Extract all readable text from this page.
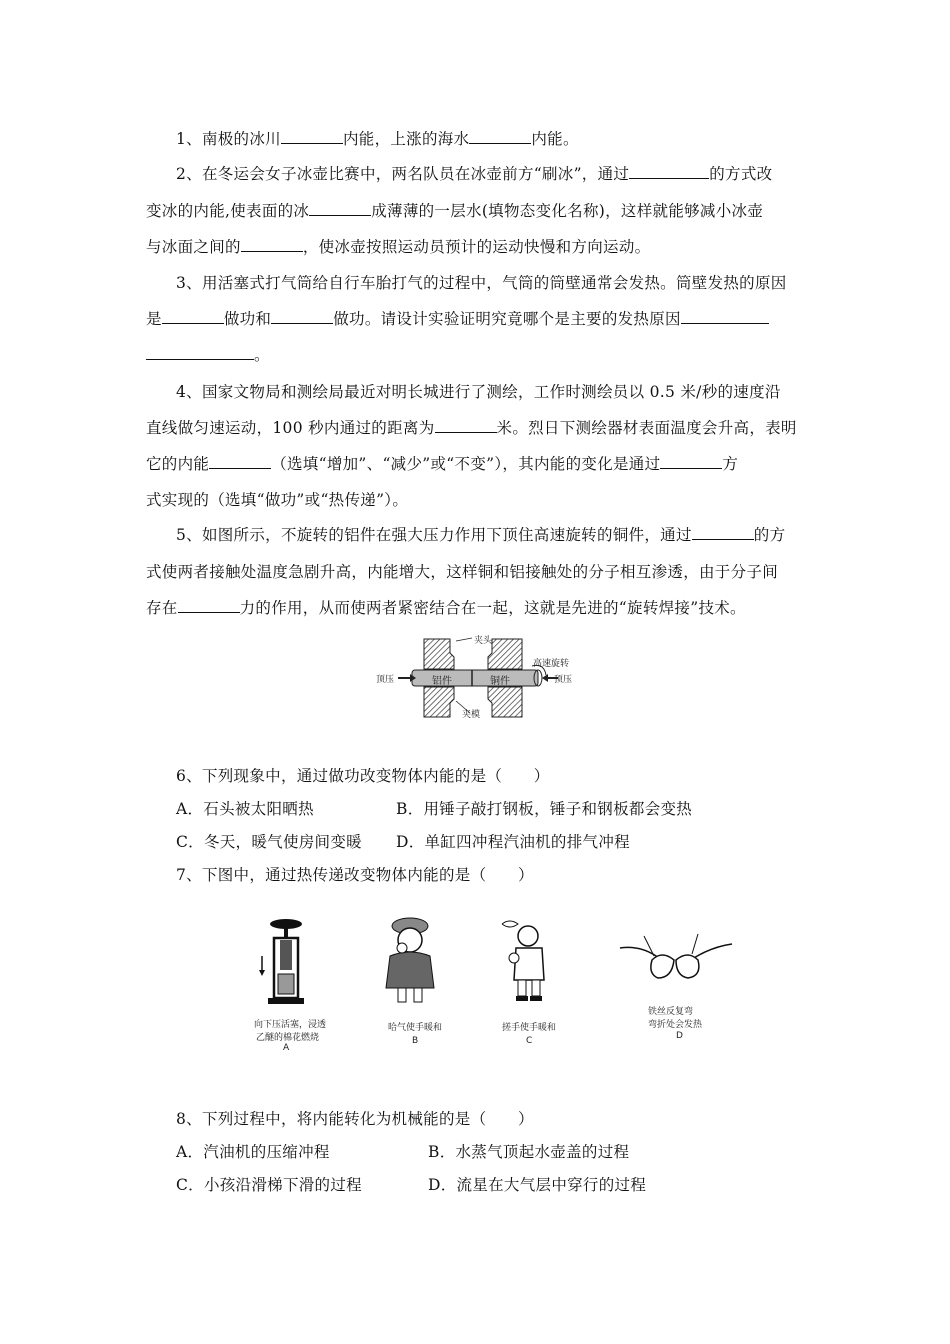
1、南极的冰川	内能，上涨的海水	内能。
2、在冬运会女子冰壶比赛中，两名队员在冰壶前方“刷冰”，通过	的方式改
变冰的内能,使表面的冰	成薄薄的一层水(填物态变化名称)，这样就能够减小冰壶
与冰面之间的	，使冰壶按照运动员预计的运动快慢和方向运动。
3、用活塞式打气筒给自行车胎打气的过程中，气筒的筒壁通常会发热。筒壁发热的原因
是	做功和	做功。请设计实验证明究竟哪个是主要的发热原因
。
4、国家文物局和测绘局最近对明长城进行了测绘，工作时测绘员以 0.5 米/秒的速度沿
直线做匀速运动，100 秒内通过的距离为	米。烈日下测绘器材表面温度会升高，表明
它的内能	（选填“增加”、“减少”或“不变”），其内能的变化是通过	方
式实现的（选填“做功”或“热传递”）。
5、如图所示，不旋转的铝件在强大压力作用下顶住高速旋转的铜件，通过	的方
式使两者接触处温度急剧升高，内能增大，这样铜和铝接触处的分子相互渗透，由于分子间
存在	力的作用，从而使两者紧密结合在一起，这就是先进的“旋转焊接”技术。
夹头
夹模
高速旋转
顶压	顶压
铝件	铜件
6、下列现象中，通过做功改变物体内能的是（　　）
A．石头被太阳晒热	B．用锤子敲打钢板，锤子和钢板都会变热
C．冬天，暖气使房间变暖 D．单缸四冲程汽油机的排气冲程
7、下图中，通过热传递改变物体内能的是（　　）
向下压活塞，浸透
乙醚的棉花燃烧
A
哈气使手暖和
B
搓手使手暖和
C
铁丝反复弯
弯折处会发热
D
8、下列过程中，将内能转化为机械能的是（　　）
A．汽油机的压缩冲程	B．水蒸气顶起水壶盖的过程
C．小孩沿滑梯下滑的过程	D．流星在大气层中穿行的过程
